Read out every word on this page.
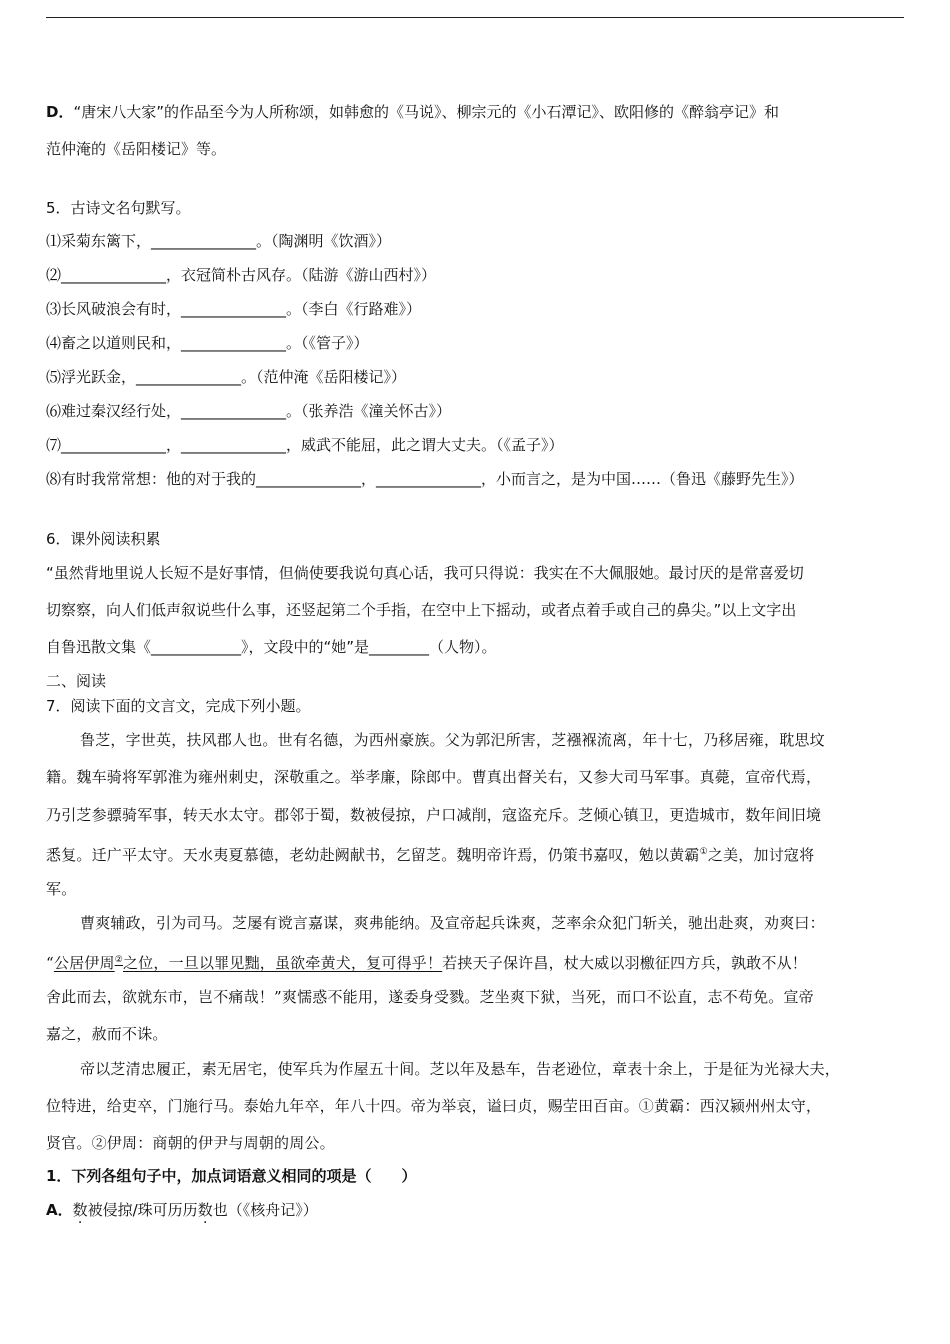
D．“唐宋八大家”的作品至今为人所称颂，如韩愈的《马说》、柳宗元的《小石潭记》、欧阳修的《醉翁亭记》和
范仲淹的《岳阳楼记》等。
5．古诗文名句默写。
⑴采菊东篱下，______________。（陶渊明《饮酒》）
⑵______________，衣冠简朴古风存。（陆游《游山西村》）
⑶长风破浪会有时，______________。（李白《行路难》）
⑷畜之以道则民和，______________。（《管子》）
⑸浮光跃金，______________。（范仲淹《岳阳楼记》）
⑹难过秦汉经行处，______________。（张养浩《潼关怀古》）
⑺______________，______________，威武不能屈，此之谓大丈夫。（《孟子》）
⑻有时我常常想：他的对于我的______________，______________，小而言之，是为中国……（鲁迅《藤野先生》）
6．课外阅读积累
“虽然背地里说人长短不是好事情，但倘使要我说句真心话，我可只得说：我实在不大佩服她。最讨厌的是常喜爱切
切察察，向人们低声叙说些什么事，还竖起第二个手指，在空中上下摇动，或者点着手或自己的鼻尖。”以上文字出
自鲁迅散文集《____________》，文段中的“她”是________（人物）。
二、阅读
7．阅读下面的文言文，完成下列小题。
鲁芝，字世英，扶风郡人也。世有名德，为西州豪族。父为郭汜所害，芝襁褓流离，年十七，乃移居雍，耽思坟
籍。魏车骑将军郭淮为雍州刺史，深敬重之。举孝廉，除郎中。曹真出督关右，又参大司马军事。真薨，宣帝代焉，
乃引芝参骠骑军事，转天水太守。郡邻于蜀，数被侵掠，户口减削，寇盗充斥。芝倾心镇卫，更造城市，数年间旧境
悉复。迁广平太守。天水夷夏慕德，老幼赴阙献书，乞留芝。魏明帝许焉，仍策书嘉叹，勉以黄霸①之美，加讨寇将
军。
曹爽辅政，引为司马。芝屡有谠言嘉谋，爽弗能纳。及宣帝起兵诛爽，芝率余众犯门斩关，驰出赴爽，劝爽曰：
“公居伊周②之位，一旦以罪见黜，虽欲牵黄犬，复可得乎！若挟天子保许昌，杖大威以羽檄征四方兵，孰敢不从！
舍此而去，欲就东市，岂不痛哉！”爽懦惑不能用，遂委身受戮。芝坐爽下狱，当死，而口不讼直，志不苟免。宣帝
嘉之，赦而不诛。
帝以芝清忠履正，素无居宅，使军兵为作屋五十间。芝以年及悬车，告老逊位，章表十余上，于是征为光禄大夫，
位特进，给吏卒，门施行马。泰始九年卒，年八十四。帝为举哀，谥曰贞，赐茔田百亩。①黄霸：西汉颍州州太守，
贤官。②伊周：商朝的伊尹与周朝的周公。
1．下列各组句子中，加点词语意义相同的项是（　　）
A．数被侵掠/珠可历历数也（《核舟记》）
